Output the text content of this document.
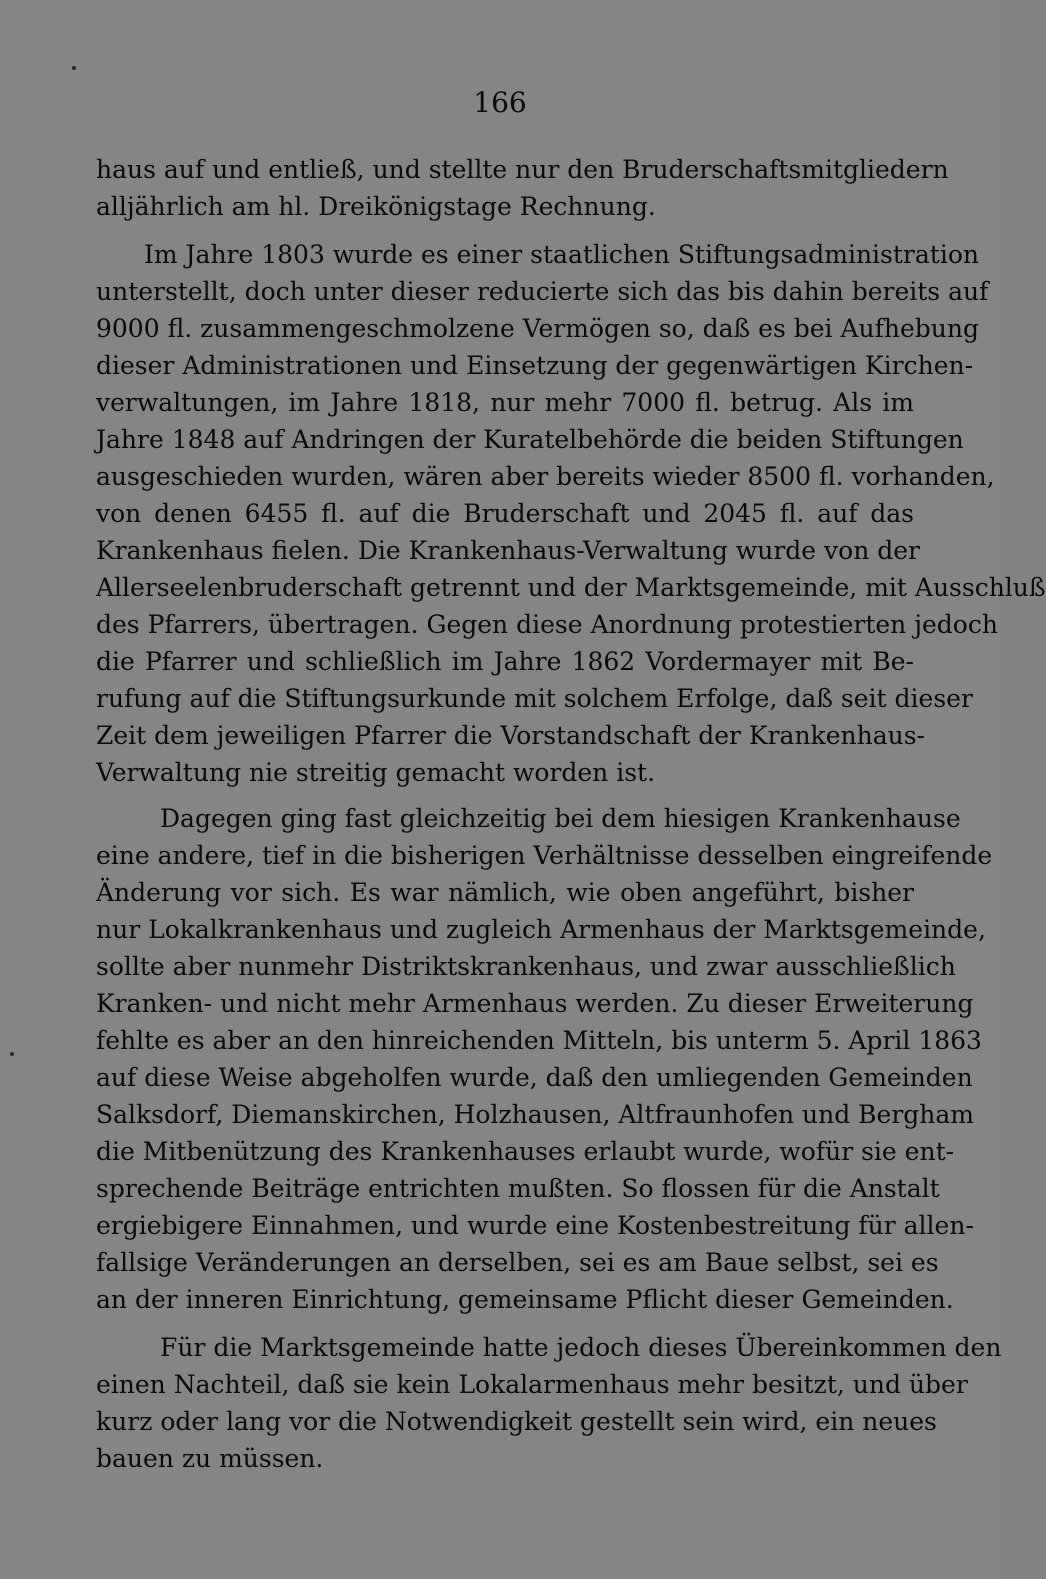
166

haus auf und entließ, und stellte nur den Bruderschaftsmitgliedern
alljährlich am hl. Dreikönigstage Rechnung.
Im Jahre 1803 wurde es einer staatlichen Stiftungsadministration
unterstellt, doch unter dieser reducierte sich das bis dahin bereits auf
9000 fl. zusammengeschmolzene Vermögen so, daß es bei Aufhebung
dieser Administrationen und Einsetzung der gegenwärtigen Kirchen-
verwaltungen, im Jahre 1818, nur mehr 7000 fl. betrug. Als im
Jahre 1848 auf Andringen der Kuratelbehörde die beiden Stiftungen
ausgeschieden wurden, wären aber bereits wieder 8500 fl. vorhanden,
von denen 6455 fl. auf die Bruderschaft und 2045 fl. auf das
Krankenhaus fielen. Die Krankenhaus-Verwaltung wurde von der
Allerseelenbruderschaft getrennt und der Marktsgemeinde, mit Ausschluß
des Pfarrers, übertragen. Gegen diese Anordnung protestierten jedoch
die Pfarrer und schließlich im Jahre 1862 Vordermayer mit Be-
rufung auf die Stiftungsurkunde mit solchem Erfolge, daß seit dieser
Zeit dem jeweiligen Pfarrer die Vorstandschaft der Krankenhaus-
Verwaltung nie streitig gemacht worden ist.
Dagegen ging fast gleichzeitig bei dem hiesigen Krankenhause
eine andere, tief in die bisherigen Verhältnisse desselben eingreifende
Änderung vor sich. Es war nämlich, wie oben angeführt, bisher
nur Lokalkrankenhaus und zugleich Armenhaus der Marktsgemeinde,
sollte aber nunmehr Distriktskrankenhaus, und zwar ausschließlich
Kranken- und nicht mehr Armenhaus werden. Zu dieser Erweiterung
fehlte es aber an den hinreichenden Mitteln, bis unterm 5. April 1863
auf diese Weise abgeholfen wurde, daß den umliegenden Gemeinden
Salksdorf, Diemanskirchen, Holzhausen, Altfraunhofen und Bergham
die Mitbenützung des Krankenhauses erlaubt wurde, wofür sie ent-
sprechende Beiträge entrichten mußten. So flossen für die Anstalt
ergiebigere Einnahmen, und wurde eine Kostenbestreitung für allen-
fallsige Veränderungen an derselben, sei es am Baue selbst, sei es
an der inneren Einrichtung, gemeinsame Pflicht dieser Gemeinden.
Für die Marktsgemeinde hatte jedoch dieses Übereinkommen den
einen Nachteil, daß sie kein Lokalarmenhaus mehr besitzt, und über
kurz oder lang vor die Notwendigkeit gestellt sein wird, ein neues
bauen zu müssen.
